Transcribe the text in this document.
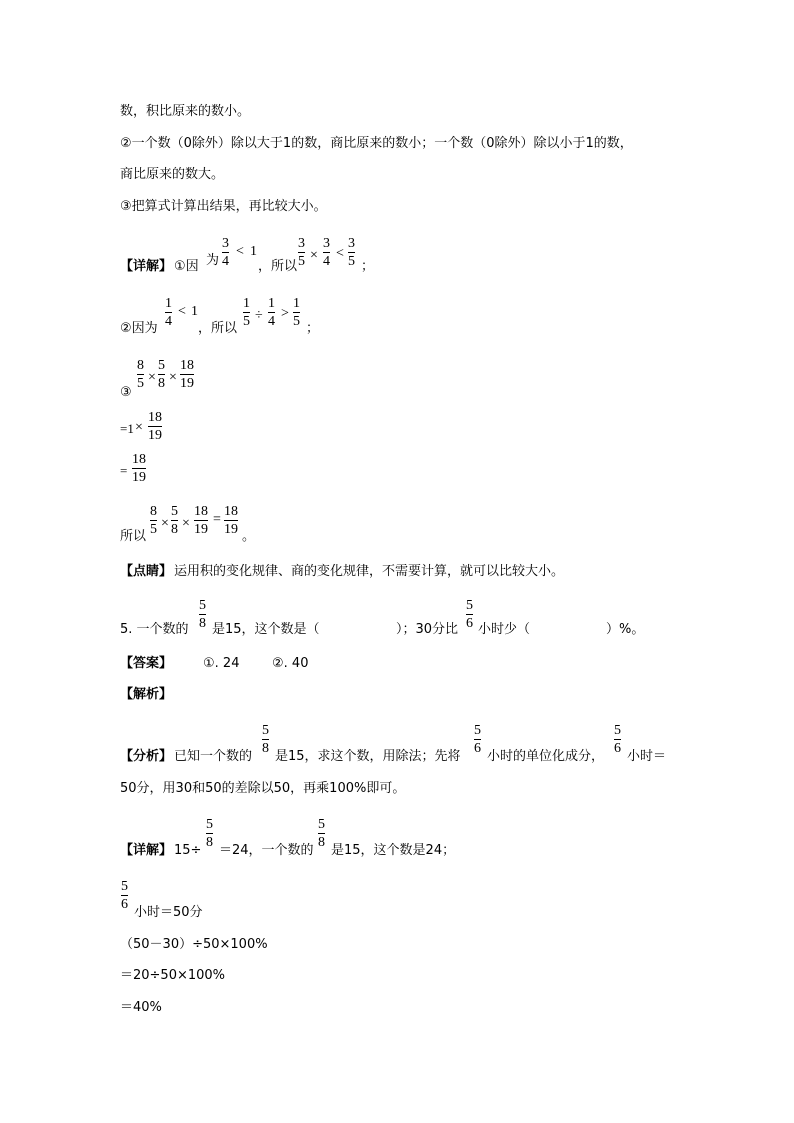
数，积比原来的数小。
②一个数（0除外）除以大于1的数，商比原来的数小；一个数（0除外）除以小于1的数，
商比原来的数大。
③把算式计算出结果，再比较大小。
【详解】 ①因 为
3
4
< 1
，所以
3
5 ×
3
4
<
3
5 ；
②因为
1
4
< 1
，所以
1
5 ÷
1
4
>
1
5 ；
③
8
5 ×
5
8 ×
18
19
=1 ×
18
19
=
18
19
所以
8
5 ×
5
8 ×
18
19
=
18
19 。
【点睛】 运用积的变化规律、商的变化规律，不需要计算，就可以比较大小。
5. 一个数的
5
8 是15，这个数是（	）；30分比
5
6 小时少（	）%。
【答案】 ①. 24	②. 40
【解析】
【分析】 已知一个数的
5
8
是15，求这个数，用除法；先将
5
6
小时的单位化成分，
5
6
小时＝
50分，用30和50的差除以50，再乘100%即可。
【详解】 15÷
5
8
＝24，一个数的
5
8
是15，这个数是24；
5
6
小时＝50分
（50－30）÷50×100%
＝20÷50×100%
＝40%
